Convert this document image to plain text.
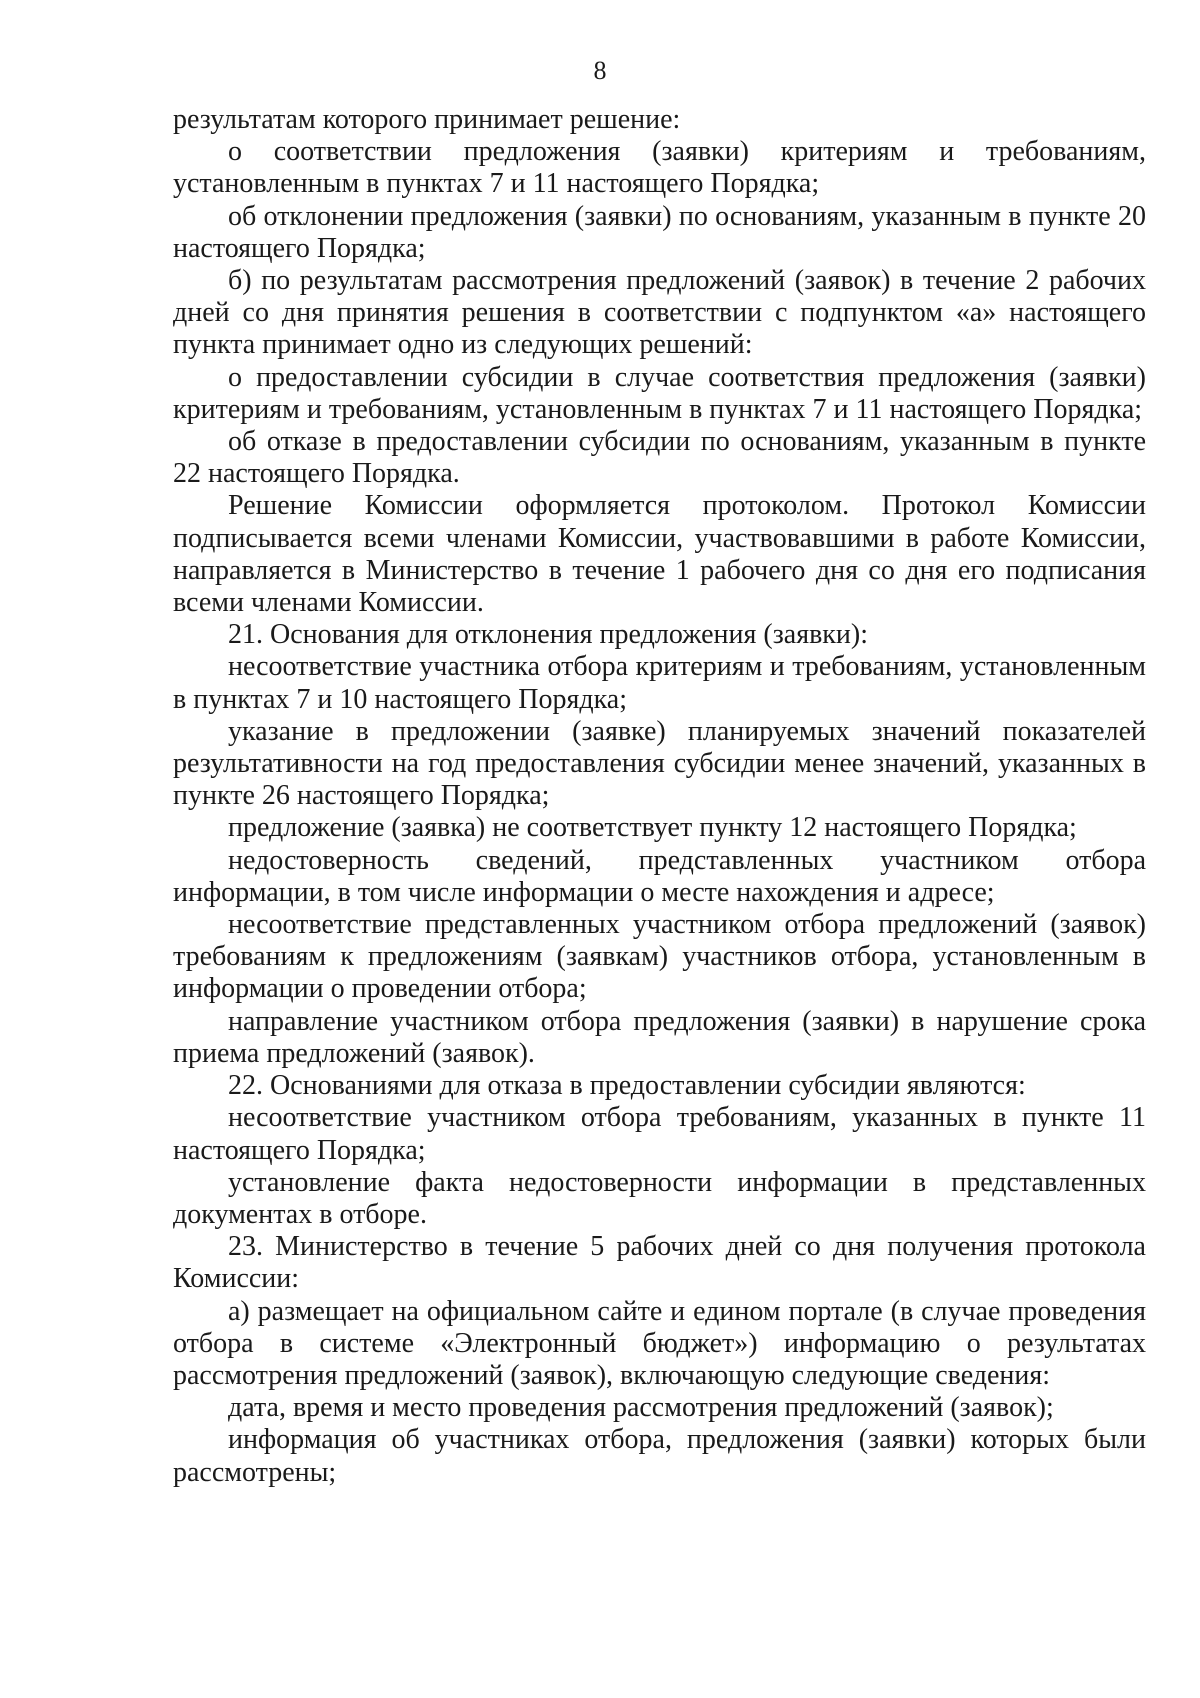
8

результатам которого принимает решение:

о соответствии предложения (заявки) критериям и требованиям, установленным в пунктах 7 и 11 настоящего Порядка;

об отклонении предложения (заявки) по основаниям, указанным в пункте 20 настоящего Порядка;

б) по результатам рассмотрения предложений (заявок) в течение 2 рабочих дней со дня принятия решения в соответствии с подпунктом «а» настоящего пункта принимает одно из следующих решений:

о предоставлении субсидии в случае соответствия предложения (заявки) критериям и требованиям, установленным в пунктах 7 и 11 настоящего Порядка;

об отказе в предоставлении субсидии по основаниям, указанным в пункте 22 настоящего Порядка.

Решение Комиссии оформляется протоколом. Протокол Комиссии подписывается всеми членами Комиссии, участвовавшими в работе Комиссии, направляется в Министерство в течение 1 рабочего дня со дня его подписания всеми членами Комиссии.

21. Основания для отклонения предложения (заявки):

несоответствие участника отбора критериям и требованиям, установленным в пунктах 7 и 10 настоящего Порядка;

указание в предложении (заявке) планируемых значений показателей результативности на год предоставления субсидии менее значений, указанных в пункте 26 настоящего Порядка;

предложение (заявка) не соответствует пункту 12 настоящего Порядка;

недостоверность сведений, представленных участником отбора информации, в том числе информации о месте нахождения и адресе;

несоответствие представленных участником отбора предложений (заявок) требованиям к предложениям (заявкам) участников отбора, установленным в информации о проведении отбора;

направление участником отбора предложения (заявки) в нарушение срока приема предложений (заявок).

22. Основаниями для отказа в предоставлении субсидии являются:

несоответствие участником отбора требованиям, указанных в пункте 11 настоящего Порядка;

установление факта недостоверности информации в представленных документах в отборе.

23. Министерство в течение 5 рабочих дней со дня получения протокола Комиссии:

а) размещает на официальном сайте и едином портале (в случае проведения отбора в системе «Электронный бюджет») информацию о результатах рассмотрения предложений (заявок), включающую следующие сведения:

дата, время и место проведения рассмотрения предложений (заявок);

информация об участниках отбора, предложения (заявки) которых были рассмотрены;
